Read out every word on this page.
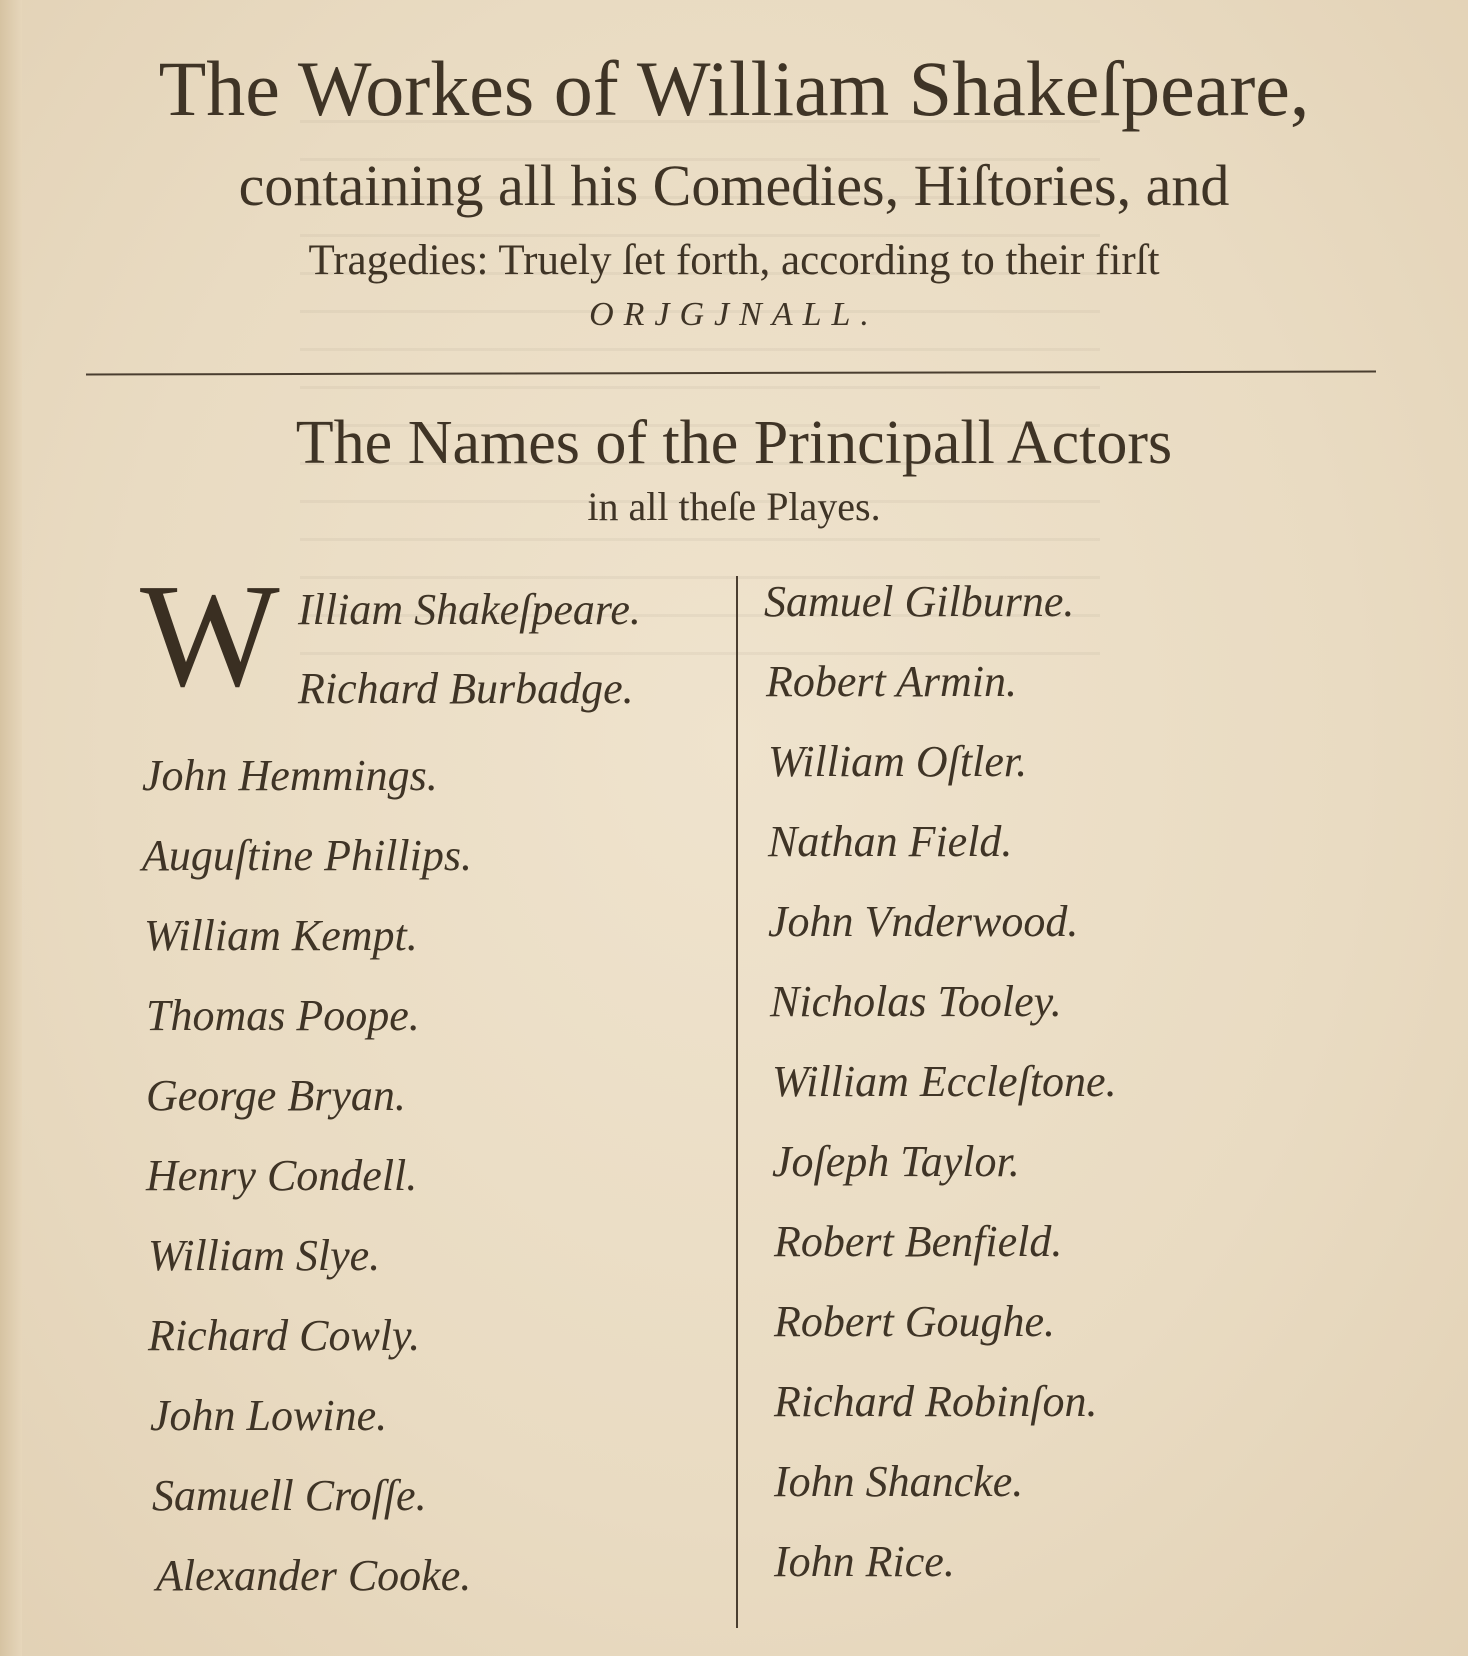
The Workes of William Shakeſpeare,
containing all his Comedies, Hiſtories, and
Tragedies: Truely ſet forth, according to their firſt
ORJGJNALL.
The Names of the Principall Actors
in all theſe Playes.
W Illiam Shakeſpeare.
Richard Burbadge.
John Hemmings.
Auguſtine Phillips.
William Kempt.
Thomas Poope.
George Bryan.
Henry Condell.
William Slye.
Richard Cowly.
John Lowine.
Samuell Croſſe.
Alexander Cooke.
Samuel Gilburne.
Robert Armin.
William Oſtler.
Nathan Field.
John Vnderwood.
Nicholas Tooley.
William Eccleſtone.
Joſeph Taylor.
Robert Benfield.
Robert Goughe.
Richard Robinſon.
Iohn Shancke.
Iohn Rice.
